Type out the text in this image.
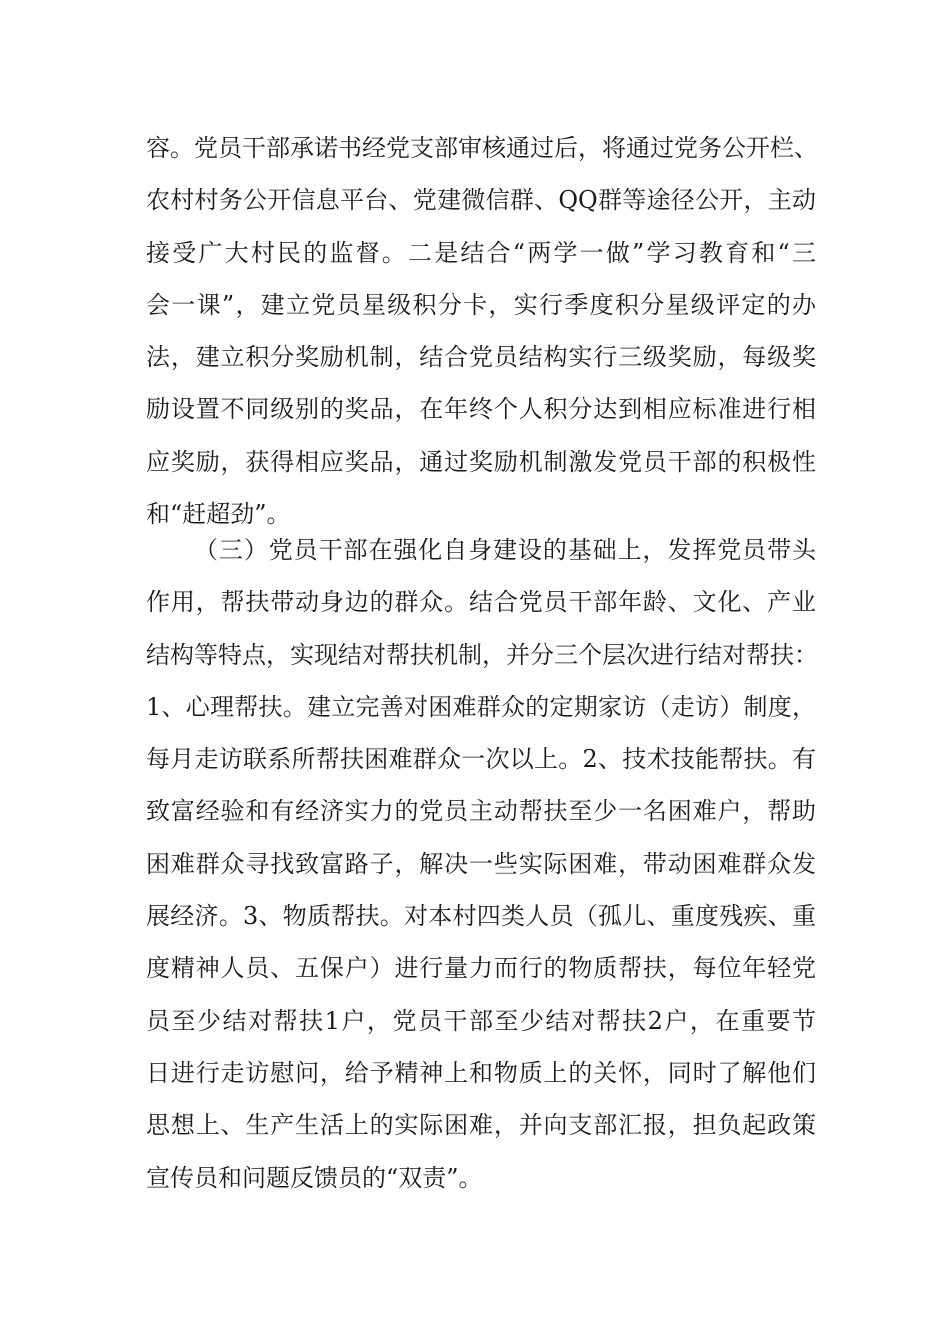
容。党员干部承诺书经党支部审核通过后，将通过党务公开栏、
农村村务公开信息平台、党建微信群、QQ群等途径公开，主动
接受广大村民的监督。二是结合“两学一做”学习教育和“三
会一课”，建立党员星级积分卡，实行季度积分星级评定的办
法，建立积分奖励机制，结合党员结构实行三级奖励，每级奖
励设置不同级别的奖品，在年终个人积分达到相应标准进行相
应奖励，获得相应奖品，通过奖励机制激发党员干部的积极性
和“赶超劲”。
（三）党员干部在强化自身建设的基础上，发挥党员带头
作用，帮扶带动身边的群众。结合党员干部年龄、文化、产业
结构等特点，实现结对帮扶机制，并分三个层次进行结对帮扶：
1、心理帮扶。建立完善对困难群众的定期家访（走访）制度，
每月走访联系所帮扶困难群众一次以上。2、技术技能帮扶。有
致富经验和有经济实力的党员主动帮扶至少一名困难户，帮助
困难群众寻找致富路子，解决一些实际困难，带动困难群众发
展经济。3、物质帮扶。对本村四类人员（孤儿、重度残疾、重
度精神人员、五保户）进行量力而行的物质帮扶，每位年轻党
员至少结对帮扶1户，党员干部至少结对帮扶2户，在重要节
日进行走访慰问，给予精神上和物质上的关怀，同时了解他们
思想上、生产生活上的实际困难，并向支部汇报，担负起政策
宣传员和问题反馈员的“双责”。
